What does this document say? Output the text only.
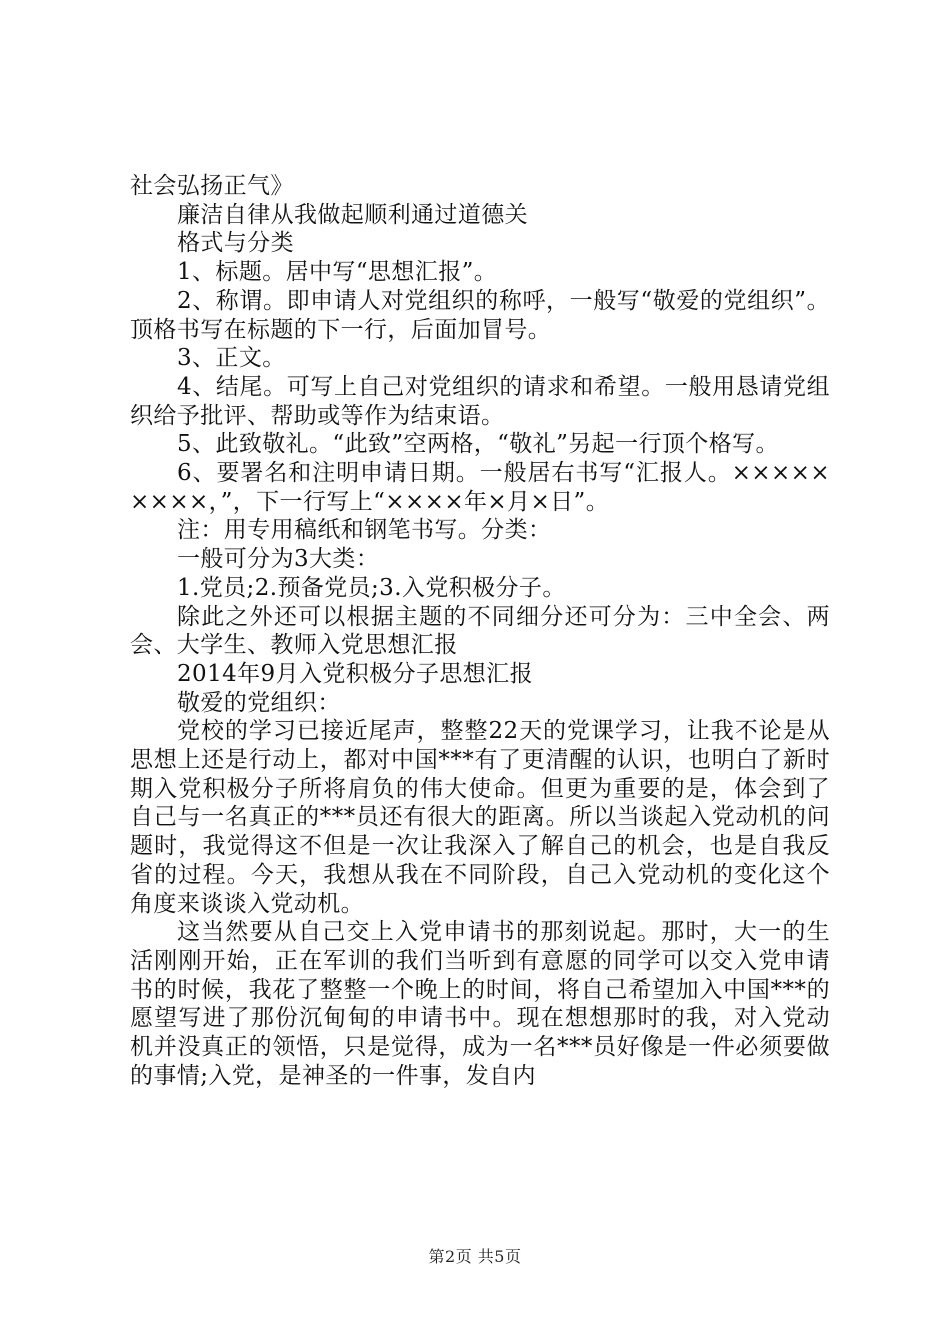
社会弘扬正气》

廉洁自律从我做起顺利通过道德关

格式与分类

1、标题。居中写“思想汇报”。

2、称谓。即申请人对党组织的称呼，一般写“敬爱的党组织”。顶格书写在标题的下一行，后面加冒号。

3、正文。

4、结尾。可写上自己对党组织的请求和希望。一般用恳请党组织给予批评、帮助或等作为结束语。

5、此致敬礼。“此致”空两格，“敬礼”另起一行顶个格写。

6、要署名和注明申请日期。一般居右书写“汇报人。×××××××××，”，下一行写上“××××年×月×日”。

注：用专用稿纸和钢笔书写。分类：

一般可分为3大类：

1.党员;2.预备党员;3.入党积极分子。

除此之外还可以根据主题的不同细分还可分为：三中全会、两会、大学生、教师入党思想汇报

2014年9月入党积极分子思想汇报

敬爱的党组织：

党校的学习已接近尾声，整整22天的党课学习，让我不论是从思想上还是行动上，都对中国***有了更清醒的认识，也明白了新时期入党积极分子所将肩负的伟大使命。但更为重要的是，体会到了自己与一名真正的***员还有很大的距离。所以当谈起入党动机的问题时，我觉得这不但是一次让我深入了解自己的机会，也是自我反省的过程。今天，我想从我在不同阶段，自己入党动机的变化这个角度来谈谈入党动机。

这当然要从自己交上入党申请书的那刻说起。那时，大一的生活刚刚开始，正在军训的我们当听到有意愿的同学可以交入党申请书的时候，我花了整整一个晚上的时间，将自己希望加入中国***的愿望写进了那份沉甸甸的申请书中。现在想想那时的我，对入党动机并没真正的领悟，只是觉得，成为一名***员好像是一件必须要做的事情;入党，是神圣的一件事，发自内

第2页 共5页
